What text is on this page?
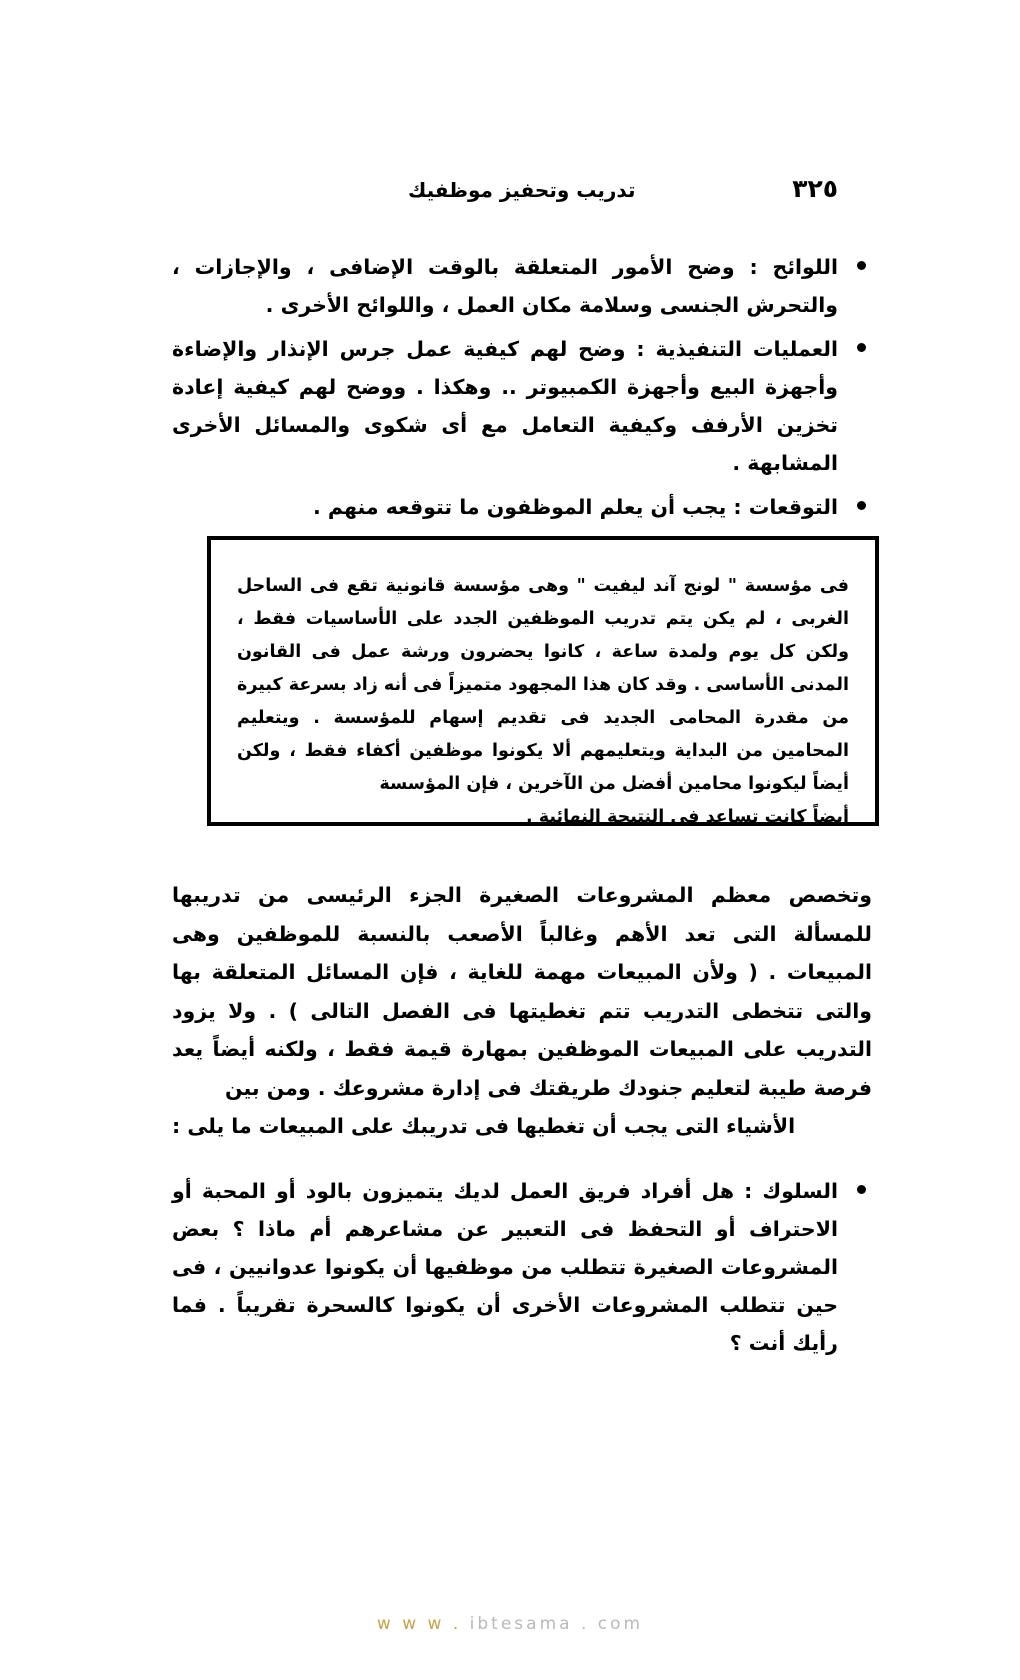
٣٢٥
تدريب وتحفيز موظفيك

اللوائح : وضح الأمور المتعلقة بالوقت الإضافى ، والإجازات ، والتحرش الجنسى وسلامة مكان العمل ، واللوائح الأخرى .

العمليات التنفيذية : وضح لهم كيفية عمل جرس الإنذار والإضاءة وأجهزة البيع وأجهزة الكمبيوتر .. وهكذا . ووضح لهم كيفية إعادة تخزين الأرفف وكيفية التعامل مع أى شكوى والمسائل الأخرى المشابهة .

التوقعات : يجب أن يعلم الموظفون ما تتوقعه منهم .

فى مؤسسة " لونج آند ليفيت " وهى مؤسسة قانونية تقع فى الساحل الغربى ، لم يكن يتم تدريب الموظفين الجدد على الأساسيات فقط ، ولكن كل يوم ولمدة ساعة ، كانوا يحضرون ورشة عمل فى القانون المدنى الأساسى . وقد كان هذا المجهود متميزاً فى أنه زاد بسرعة كبيرة من مقدرة المحامى الجديد فى تقديم إسهام للمؤسسة . ويتعليم المحامين من البداية ويتعليمهم ألا يكونوا موظفين أكفاء فقط ، ولكن أيضاً ليكونوا محامين أفضل من الآخرين ، فإن المؤسسة
أيضاً كانت تساعد فى النتيجة النهائية .

وتخصص معظم المشروعات الصغيرة الجزء الرئيسى من تدريبها للمسألة التى تعد الأهم وغالباً الأصعب بالنسبة للموظفين وهى المبيعات . ( ولأن المبيعات مهمة للغاية ، فإن المسائل المتعلقة بها والتى تتخطى التدريب تتم تغطيتها فى الفصل التالى ) . ولا يزود التدريب على المبيعات الموظفين بمهارة قيمة فقط ، ولكنه أيضاً يعد فرصة طيبة لتعليم جنودك طريقتك فى إدارة مشروعك . ومن بين
الأشياء التى يجب أن تغطيها فى تدريبك على المبيعات ما يلى :

السلوك : هل أفراد فريق العمل لديك يتميزون بالود أو المحبة أو الاحتراف أو التحفظ فى التعبير عن مشاعرهم أم ماذا ؟ بعض المشروعات الصغيرة تتطلب من موظفيها أن يكونوا عدوانيين ، فى حين تتطلب المشروعات الأخرى أن يكونوا كالسحرة تقريباً . فما رأيك أنت ؟

w w w . ibtesama . com
